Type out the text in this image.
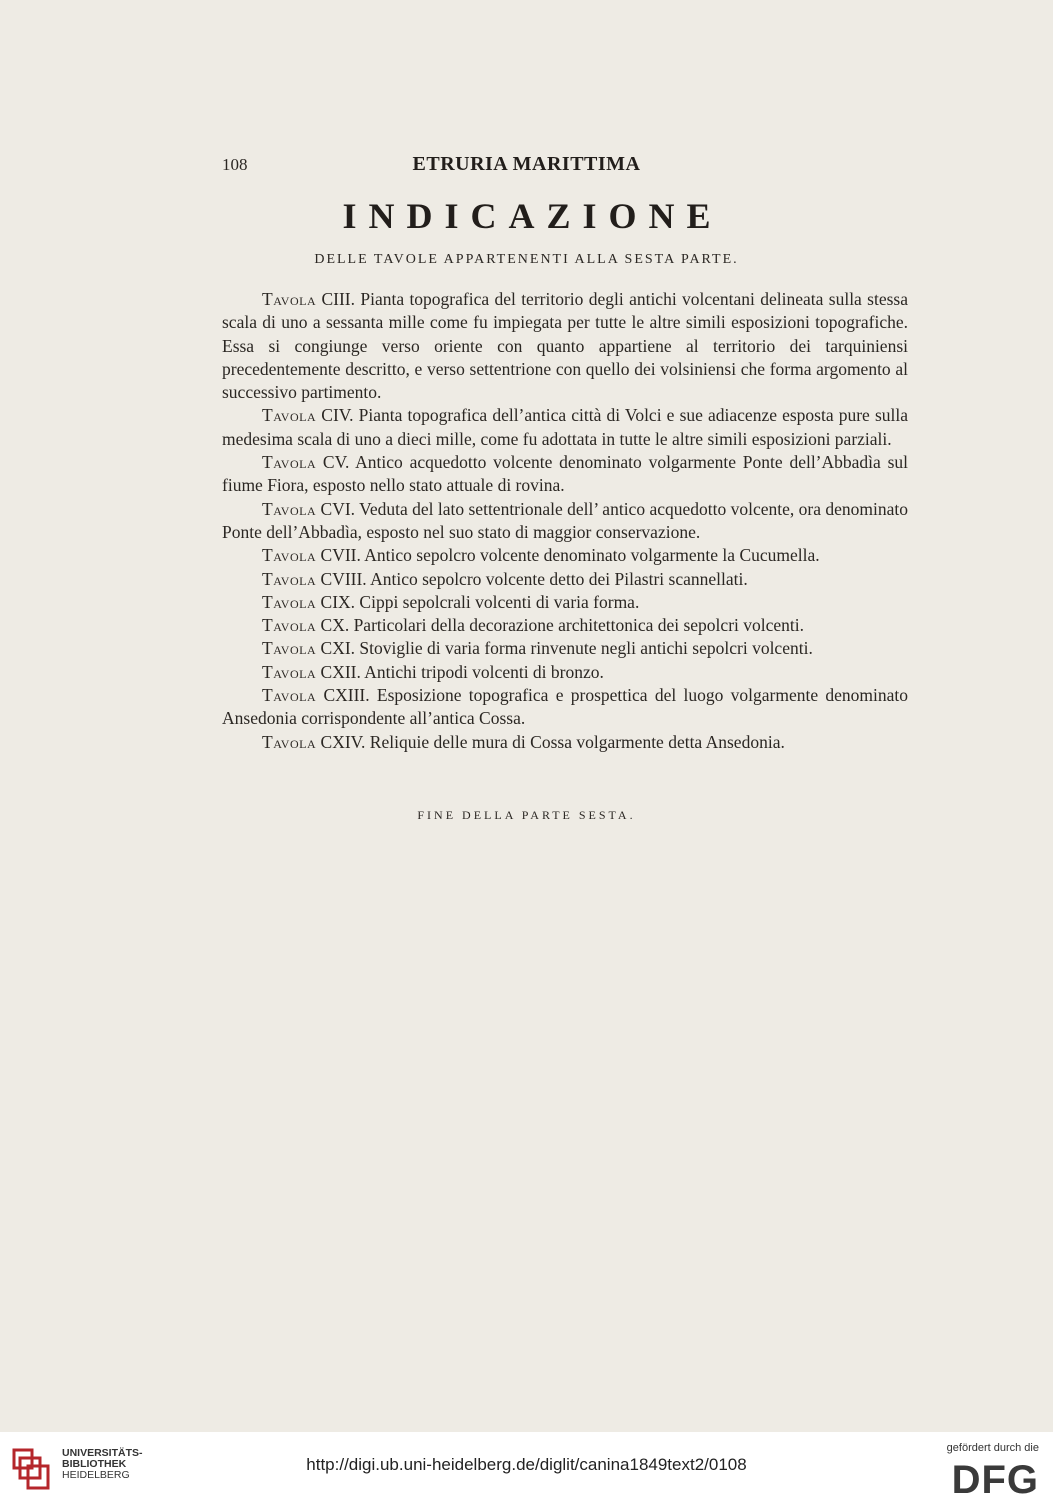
108	ETRURIA MARITTIMA
INDICAZIONE
DELLE TAVOLE APPARTENENTI ALLA SESTA PARTE.

Tavola CIII. Pianta topografica del territorio degli antichi volcentani delineata sulla stessa scala di uno a sessanta mille come fu impiegata per tutte le altre simili esposizioni topografiche. Essa si congiunge verso oriente con quanto appartiene al territorio dei tarquiniensi precedentemente descritto, e verso settentrione con quello dei volsiniensi che forma argomento al successivo partimento.

Tavola CIV. Pianta topografica dell’antica città di Volci e sue adiacenze esposta pure sulla medesima scala di uno a dieci mille, come fu adottata in tutte le altre simili esposizioni parziali.

Tavola CV. Antico acquedotto volcente denominato volgarmente Ponte dell’Abbadìa sul fiume Fiora, esposto nello stato attuale di rovina.

Tavola CVI. Veduta del lato settentrionale dell’ antico acquedotto volcente, ora denominato Ponte dell’Abbadìa, esposto nel suo stato di maggior conservazione.

Tavola CVII. Antico sepolcro volcente denominato volgarmente la Cucumella.

Tavola CVIII. Antico sepolcro volcente detto dei Pilastri scannellati.

Tavola CIX. Cippi sepolcrali volcenti di varia forma.

Tavola CX. Particolari della decorazione architettonica dei sepolcri volcenti.

Tavola CXI. Stoviglie di varia forma rinvenute negli antichi sepolcri volcenti.

Tavola CXII. Antichi tripodi volcenti di bronzo.

Tavola CXIII. Esposizione topografica e prospettica del luogo volgarmente denominato Ansedonia corrispondente all’antica Cossa.

Tavola CXIV. Reliquie delle mura di Cossa volgarmente detta Ansedonia.

FINE DELLA PARTE SESTA.
UNIVERSITÄTS-
BIBLIOTHEK
HEIDELBERG
http://digi.ub.uni-heidelberg.de/diglit/canina1849text2/0108
gefördert durch die
DFG
